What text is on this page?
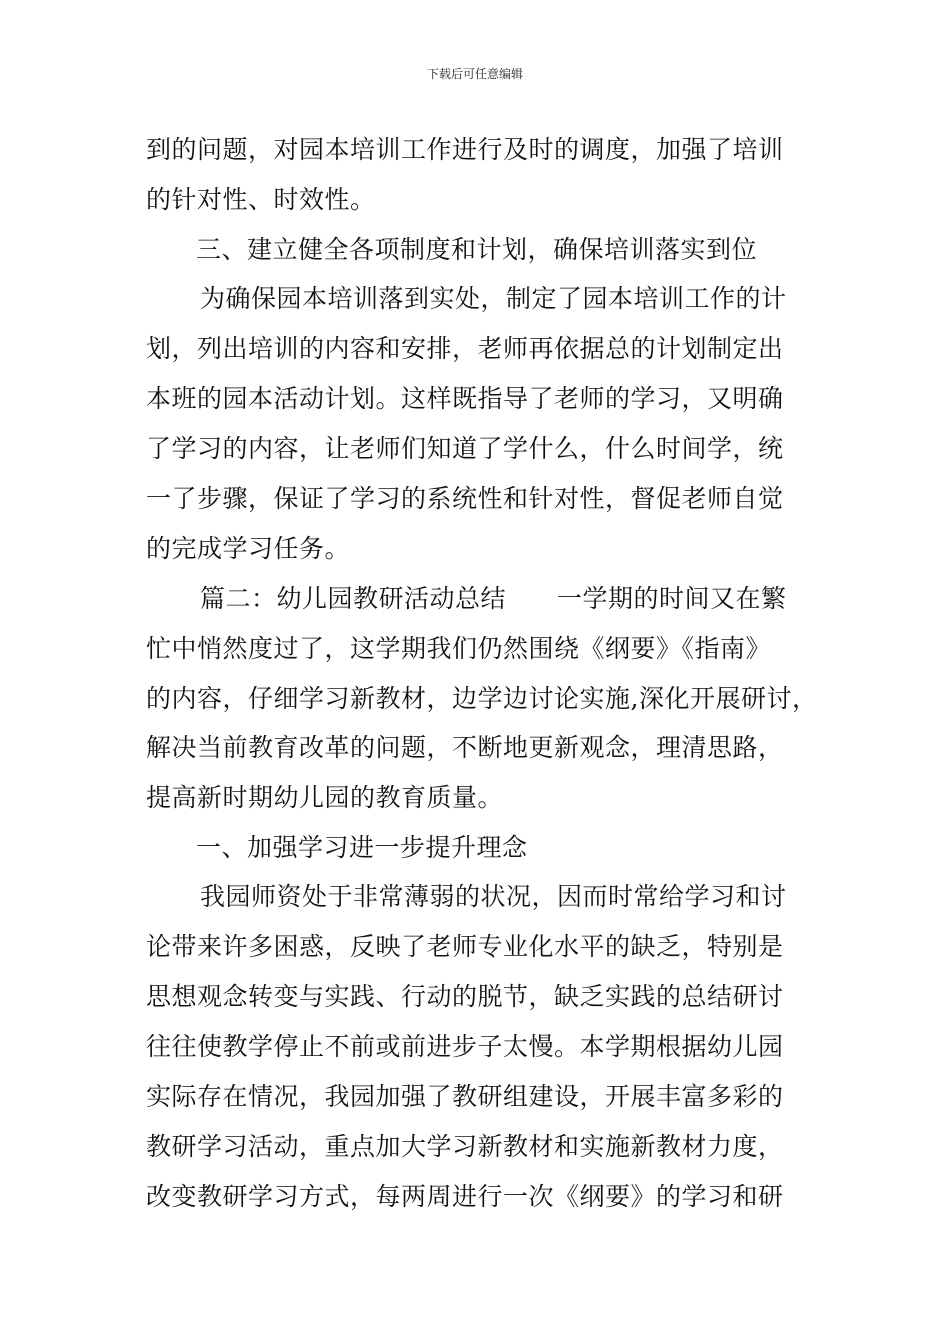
下载后可任意编辑
到的问题，对园本培训工作进行及时的调度，加强了培训
的针对性、时效性。
三、建立健全各项制度和计划，确保培训落实到位
为确保园本培训落到实处，制定了园本培训工作的计
划，列出培训的内容和安排，老师再依据总的计划制定出
本班的园本活动计划。这样既指导了老师的学习，又明确
了学习的内容，让老师们知道了学什么，什么时间学，统
一了步骤，保证了学习的系统性和针对性，督促老师自觉
的完成学习任务。
篇二：幼儿园教研活动总结　　一学期的时间又在繁
忙中悄然度过了，这学期我们仍然围绕《纲要》《指南》
的内容，仔细学习新教材，边学边讨论实施,深化开展研讨，
解决当前教育改革的问题，不断地更新观念，理清思路，
提高新时期幼儿园的教育质量。
一、加强学习进一步提升理念
我园师资处于非常薄弱的状况，因而时常给学习和讨
论带来许多困惑，反映了老师专业化水平的缺乏，特别是
思想观念转变与实践、行动的脱节，缺乏实践的总结研讨
往往使教学停止不前或前进步子太慢。本学期根据幼儿园
实际存在情况，我园加强了教研组建设，开展丰富多彩的
教研学习活动，重点加大学习新教材和实施新教材力度，
改变教研学习方式，每两周进行一次《纲要》的学习和研
